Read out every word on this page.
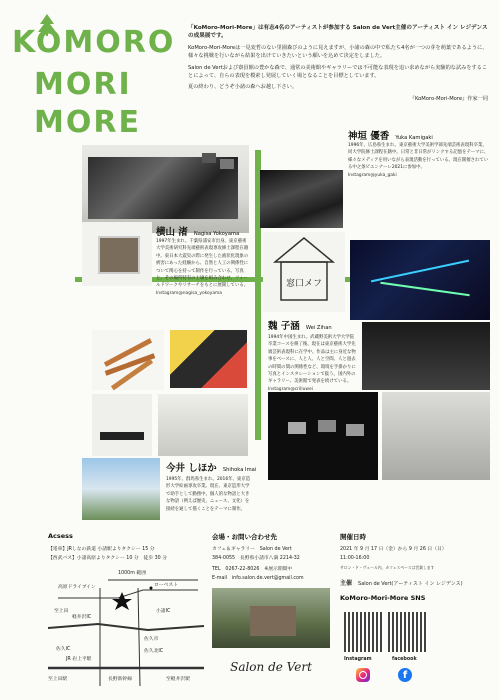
KOMORO
MORI
MORE

「KoMoro-Mori-More」は有志4名のアーティストが参加する Salon de Vert主催のアーティスト イン レジデンスの成果展です。

KoMoro-Mori-Moreは一見変哲のない里園森びのように見えますが、小諸の森の中で私たち4名が一つの芽を萌葉であるように、様々な挑戦を行いながら結果を出けていきたいという願いを込めて決定をしました。

Salon de Vertおよび寮員館の豊かな森で、通常の美術館やギャラリーでは不可能な表現を追い求めながら実験的な試みをすることによって、自らの表現を模索し発展していく場となることを目標としています。

夏の終わり、どうぞ小諸の森へお越し下さい。

『KoMoro-Mori-More』作家一同

神垣 優香 Yuka Kamigaki
1996年、広島県生まれ。東京藝術大学美術学部先端芸術表現科卒業、同大学院修士課程在籍中。日常と非日常がリンクする記憶をテーマに、様々なメディアを用いながら表現活動を行っている。現在開催されている中之条ビエンナーレ2021に参加中。
Instagram@yuka_gaki
横山 渚 Nagisa Yokoyama
1997年生まれ。千葉県浦安市出身。東京藝術大学美術研究科先端藝術表現専攻修士課程在籍中。東日本大震災の際に発生した液状化現象の被害にあった経験から、自然と人工の関係性について関心を持って制作を行っている。写真と、その場所特有の土壌を組み合わせ、フィールドワークやリサーチをもとに展開している。
Instagram@nagisa_yokoyama
窓口メフ
魏 子涵 Wei Zihan
1994年中国生まれ。武蔵野美術大学大学院卒業コースを修了後、現在は東京藝術大学先端芸術表現科に在学中。作品は主に身近な物事をベースに、人と人、人と空間、人と過去の時間の間の関係性など、環境を手掛かりに写真とインスタレーションで扱う。国内外のギャラリー、美術館で発表を続けている。
Instagram@crilluwei
今井 しほか Shihoka Imai
1995年、群馬県生まれ。2016年、東京造形大学絵画専攻卒業。現在、東京造形大学で助手として勤務中。個人的な物語と大きな物語（例えば歴史、ニュース、文化）を接続を通して描くことをテーマに制作。
Acsess
【電車】JRしなの鉄道 小諸駅よりタクシー 15 分
【西武バス】小諸高原よりタクシー 10 分　徒歩 30 分
1000m 範囲
高原ドライブイン	ローベスト
至上田
軽井沢IC
小諸IC
佐久IC
JR 岩上平駅
至上田駅	至軽井沢駅
佐久市
長野新幹線
佐久北IC
会場・お問い合わせ先
カフェ＆ギャラリー　Salon de Vert
384-0055　長野県小諸市八満 2214-32
TEL　0267-22-8026　※展示期間中
E-mail　info.salon.de.vert@gmail.com
Salon de Vert
開催日時
2021 年 9 月 17 日（金）から 9 月 26 日（日）
11:00-16:00
サロン・ド・ヴェール内、カフェスペースは営業します
主催 Salon de Vert(アーティスト イン レジデンス)
KoMoro-Mori-More SNS
Instagram	facebook
f
